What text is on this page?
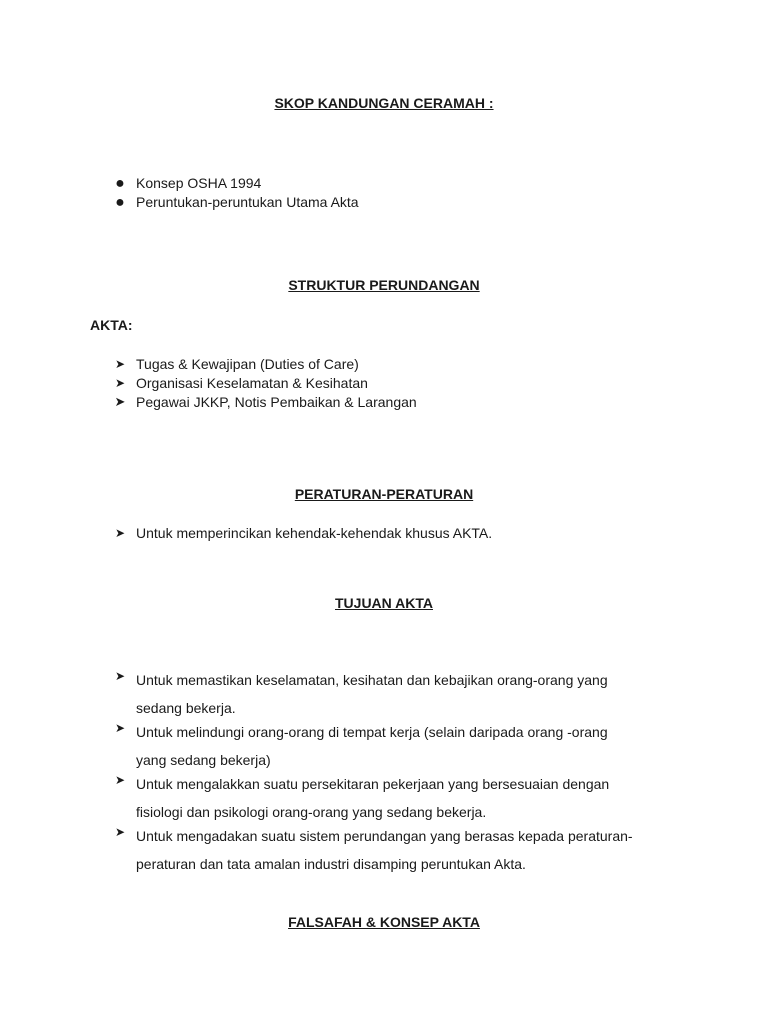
SKOP KANDUNGAN CERAMAH :
● Konsep OSHA 1994
● Peruntukan-peruntukan Utama Akta
STRUKTUR PERUNDANGAN

AKTA:

➤ Tugas & Kewajipan (Duties of Care)
➤ Organisasi Keselamatan & Kesihatan
➤ Pegawai JKKP, Notis Pembaikan & Larangan
PERATURAN-PERATURAN
➤ Untuk memperincikan kehendak-kehendak khusus AKTA.
TUJUAN AKTA
➤ Untuk memastikan keselamatan, kesihatan dan kebajikan orang-orang yang
sedang bekerja.
➤ Untuk melindungi orang-orang di tempat kerja (selain daripada orang -orang
yang sedang bekerja)
➤ Untuk mengalakkan suatu persekitaran pekerjaan yang bersesuaian dengan
fisiologi dan psikologi orang-orang yang sedang bekerja.
➤ Untuk mengadakan suatu sistem perundangan yang berasas kepada peraturan-
peraturan dan tata amalan industri disamping peruntukan Akta.
FALSAFAH & KONSEP AKTA
